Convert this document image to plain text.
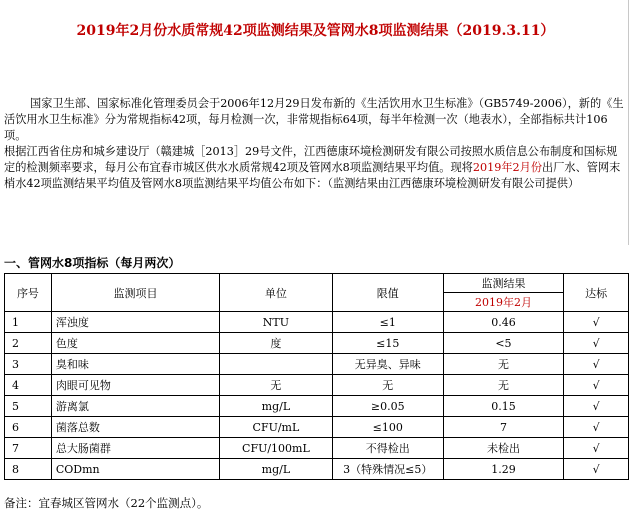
2019年2月份水质常规42项监测结果及管网水8项监测结果（2019.3.11）

国家卫生部、国家标准化管理委员会于2006年12月29日发布新的《生活饮用水卫生标准》（GB5749-2006），新的《生活饮用水卫生标准》分为常规指标42项，每月检测一次，非常规指标64项，每半年检测一次（地表水），全部指标共计106项。

根据江西省住房和城乡建设厅（赣建城［2013］29号文件，江西德康环境检测研发有限公司按照水质信息公布制度和国标规定的检测频率要求，每月公布宜春市城区供水水质常规42项及管网水8项监测结果平均值。现将2019年2月份出厂水、管网末梢水42项监测结果平均值及管网水8项监测结果平均值公布如下：（监测结果由江西德康环境检测研发有限公司提供）

一、管网水8项指标（每月两次）
序号	监测项目	单位	限值	监测结果	达标
				2019年2月	
1	浑浊度	NTU	≤1	0.46	√
2	色度	度	≤15	<5	√
3	臭和味		无异臭、异味	无	√
4	肉眼可见物	无	无	无	√
5	游离氯	mg/L	≥0.05	0.15	√
6	菌落总数	CFU/mL	≤100	7	√
7	总大肠菌群	CFU/100mL	不得检出	未检出	√
8	CODmn	mg/L	3（特殊情况≤5）	1.29	√
备注：宜春城区管网水（22个监测点）。
